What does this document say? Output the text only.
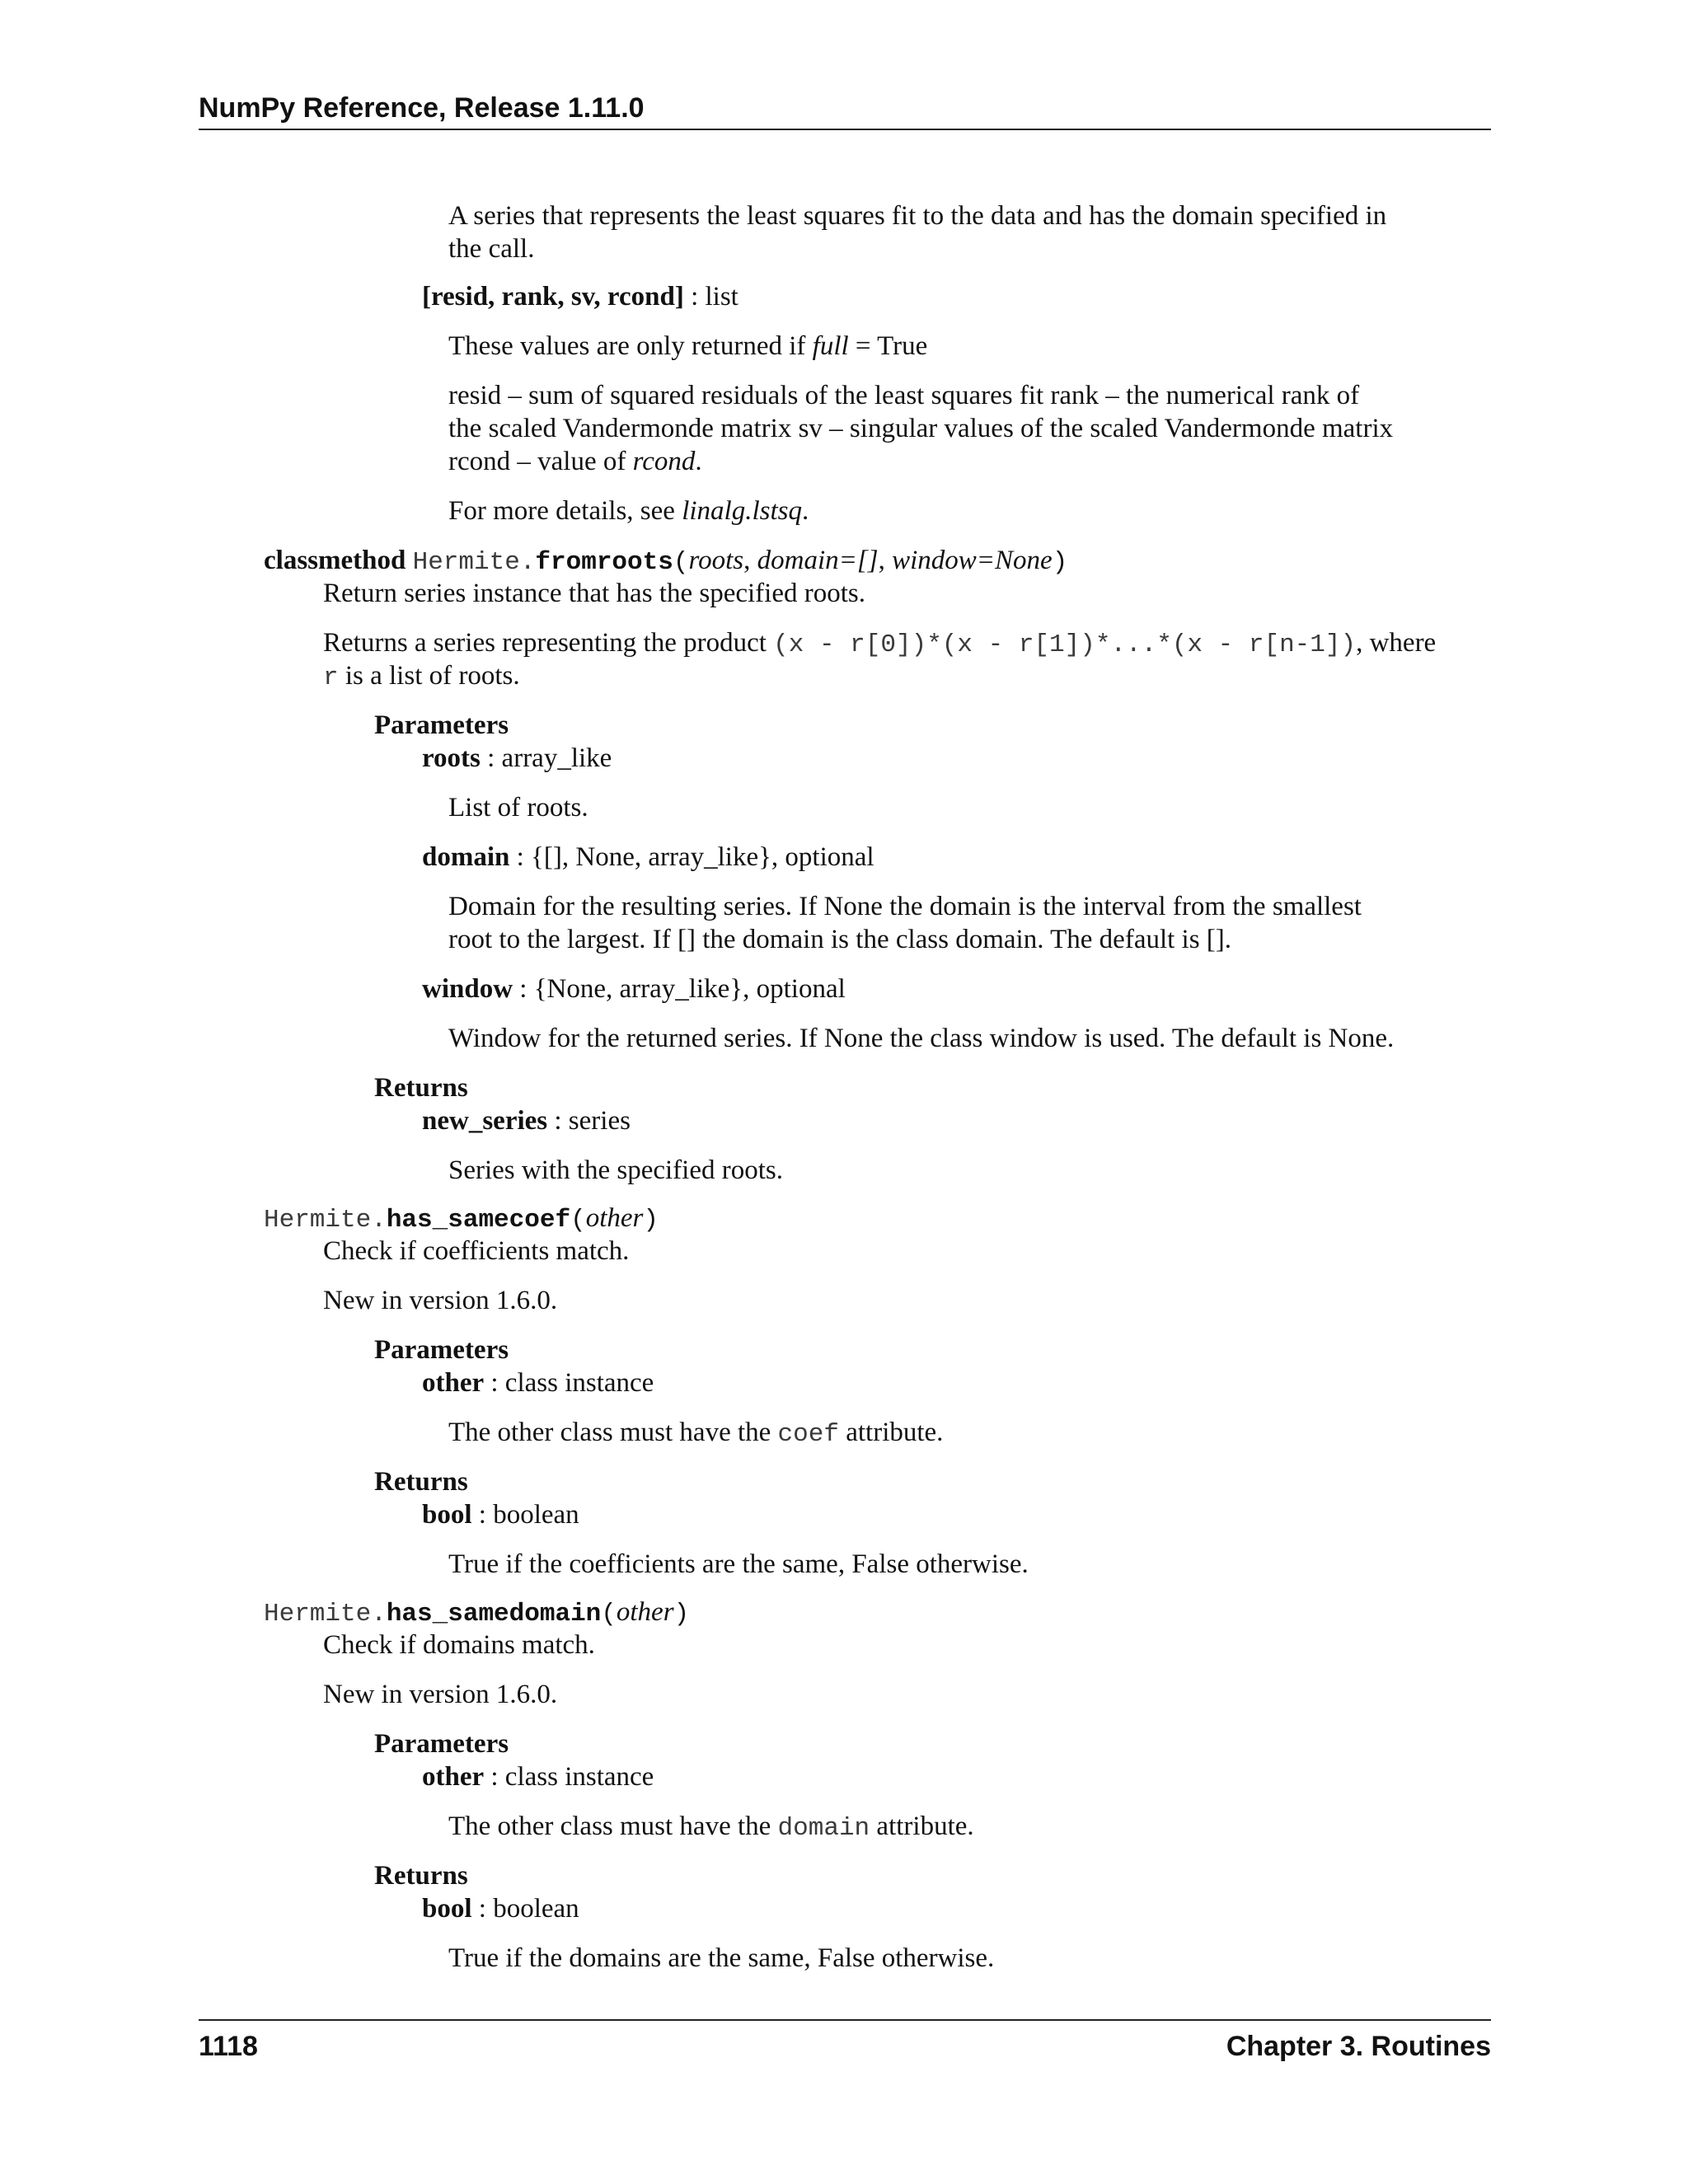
NumPy Reference, Release 1.11.0
A series that represents the least squares fit to the data and has the domain specified in
the call.
[resid, rank, sv, rcond] : list
These values are only returned if full = True
resid – sum of squared residuals of the least squares fit rank – the numerical rank of
the scaled Vandermonde matrix sv – singular values of the scaled Vandermonde matrix
rcond – value of rcond.
For more details, see linalg.lstsq.
classmethod Hermite.fromroots(roots, domain=[], window=None)
Return series instance that has the specified roots.
Returns a series representing the product (x - r[0])*(x - r[1])*...*(x - r[n-1]), where
r is a list of roots.
Parameters
roots : array_like
List of roots.
domain : {[], None, array_like}, optional
Domain for the resulting series. If None the domain is the interval from the smallest
root to the largest. If [] the domain is the class domain. The default is [].
window : {None, array_like}, optional
Window for the returned series. If None the class window is used. The default is None.
Returns
new_series : series
Series with the specified roots.
Hermite.has_samecoef(other)
Check if coefficients match.
New in version 1.6.0.
Parameters
other : class instance
The other class must have the coef attribute.
Returns
bool : boolean
True if the coefficients are the same, False otherwise.
Hermite.has_samedomain(other)
Check if domains match.
New in version 1.6.0.
Parameters
other : class instance
The other class must have the domain attribute.
Returns
bool : boolean
True if the domains are the same, False otherwise.
1118	Chapter 3. Routines
